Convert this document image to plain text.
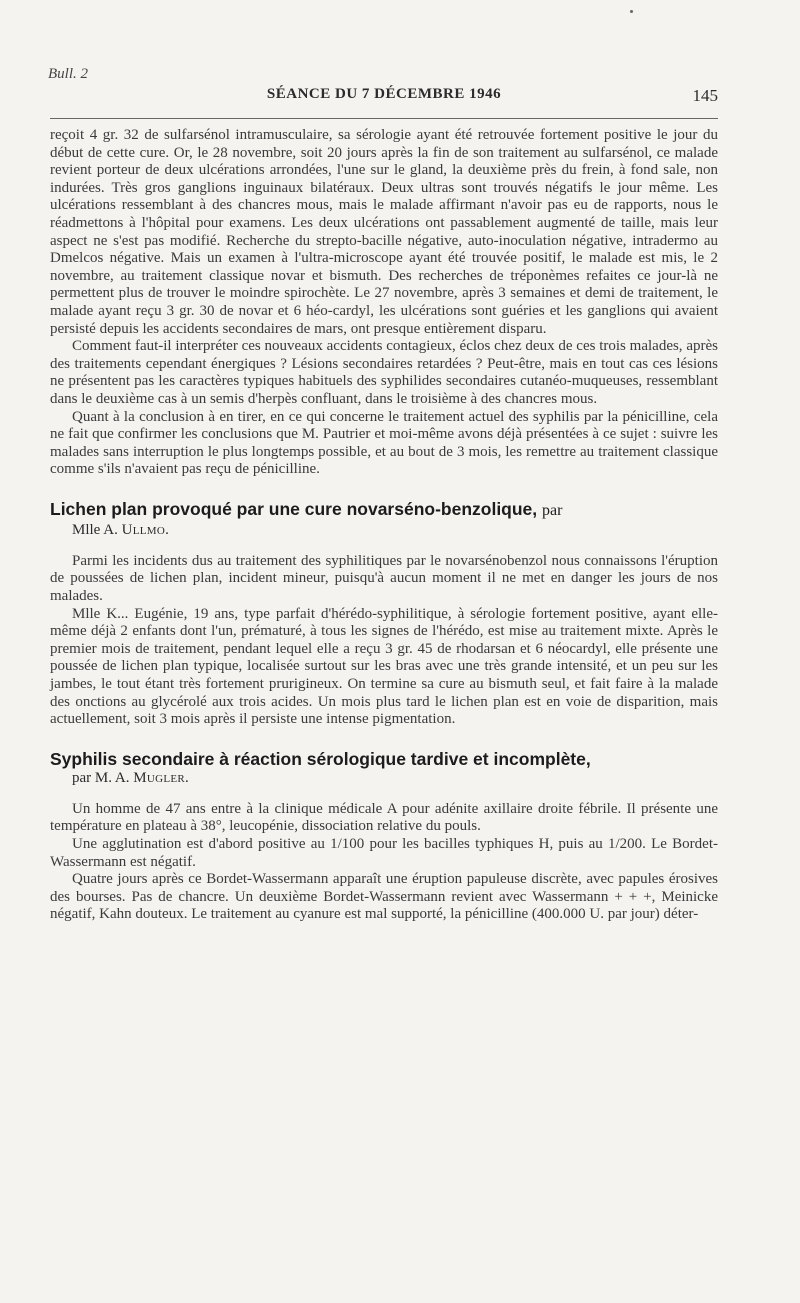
Bull. 2
SÉANCE DU 7 DÉCEMBRE 1946	145

reçoit 4 gr. 32 de sulfarsénol intramusculaire, sa sérologie ayant été retrouvée fortement positive le jour du début de cette cure. Or, le 28 novembre, soit 20 jours après la fin de son traitement au sulfarsénol, ce malade revient porteur de deux ulcérations arrondées, l'une sur le gland, la deuxième près du frein, à fond sale, non indurées. Très gros ganglions inguinaux bilatéraux. Deux ultras sont trouvés négatifs le jour même. Les ulcérations ressemblant à des chancres mous, mais le malade affirmant n'avoir pas eu de rapports, nous le réadmettons à l'hôpital pour examens. Les deux ulcérations ont passablement augmenté de taille, mais leur aspect ne s'est pas modifié. Recherche du strepto-bacille négative, auto-inoculation négative, intradermo au Dmelcos négative. Mais un examen à l'ultra-microscope ayant été trouvée positif, le malade est mis, le 2 novembre, au traitement classique novar et bismuth. Des recherches de tréponèmes refaites ce jour-là ne permettent plus de trouver le moindre spirochète. Le 27 novembre, après 3 semaines et demi de traitement, le malade ayant reçu 3 gr. 30 de novar et 6 héo-cardyl, les ulcérations sont guéries et les ganglions qui avaient persisté depuis les accidents secondaires de mars, ont presque entièrement disparu.

Comment faut-il interpréter ces nouveaux accidents contagieux, éclos chez deux de ces trois malades, après des traitements cependant énergiques ? Lésions secondaires retardées ? Peut-être, mais en tout cas ces lésions ne présentent pas les caractères typiques habituels des syphilides secondaires cutanéo-muqueuses, ressemblant dans le deuxième cas à un semis d'herpès confluant, dans le troisième à des chancres mous.

Quant à la conclusion à en tirer, en ce qui concerne le traitement actuel des syphilis par la pénicilline, cela ne fait que confirmer les conclusions que M. Pautrier et moi-même avons déjà présentées à ce sujet : suivre les malades sans interruption le plus longtemps possible, et au bout de 3 mois, les remettre au traitement classique comme s'ils n'avaient pas reçu de pénicilline.

Lichen plan provoqué par une cure novarséno-benzolique, par
Mlle A. Ullmo.

Parmi les incidents dus au traitement des syphilitiques par le novarsénobenzol nous connaissons l'éruption de poussées de lichen plan, incident mineur, puisqu'à aucun moment il ne met en danger les jours de nos malades.

Mlle K... Eugénie, 19 ans, type parfait d'hérédo-syphilitique, à sérologie fortement positive, ayant elle-même déjà 2 enfants dont l'un, prématuré, à tous les signes de l'hérédo, est mise au traitement mixte. Après le premier mois de traitement, pendant lequel elle a reçu 3 gr. 45 de rhodarsan et 6 néocardyl, elle présente une poussée de lichen plan typique, localisée surtout sur les bras avec une très grande intensité, et un peu sur les jambes, le tout étant très fortement prurigineux. On termine sa cure au bismuth seul, et fait faire à la malade des onctions au glycérolé aux trois acides. Un mois plus tard le lichen plan est en voie de disparition, mais actuellement, soit 3 mois après il persiste une intense pigmentation.

Syphilis secondaire à réaction sérologique tardive et incomplète,
par M. A. Mugler.

Un homme de 47 ans entre à la clinique médicale A pour adénite axillaire droite fébrile. Il présente une température en plateau à 38°, leucopénie, dissociation relative du pouls.

Une agglutination est d'abord positive au 1/100 pour les bacilles typhiques H, puis au 1/200. Le Bordet-Wassermann est négatif.

Quatre jours après ce Bordet-Wassermann apparaît une éruption papuleuse discrète, avec papules érosives des bourses. Pas de chancre. Un deuxième Bordet-Wassermann revient avec Wassermann + + +, Meinicke négatif, Kahn douteux. Le traitement au cyanure est mal supporté, la pénicilline (400.000 U. par jour) déter-
